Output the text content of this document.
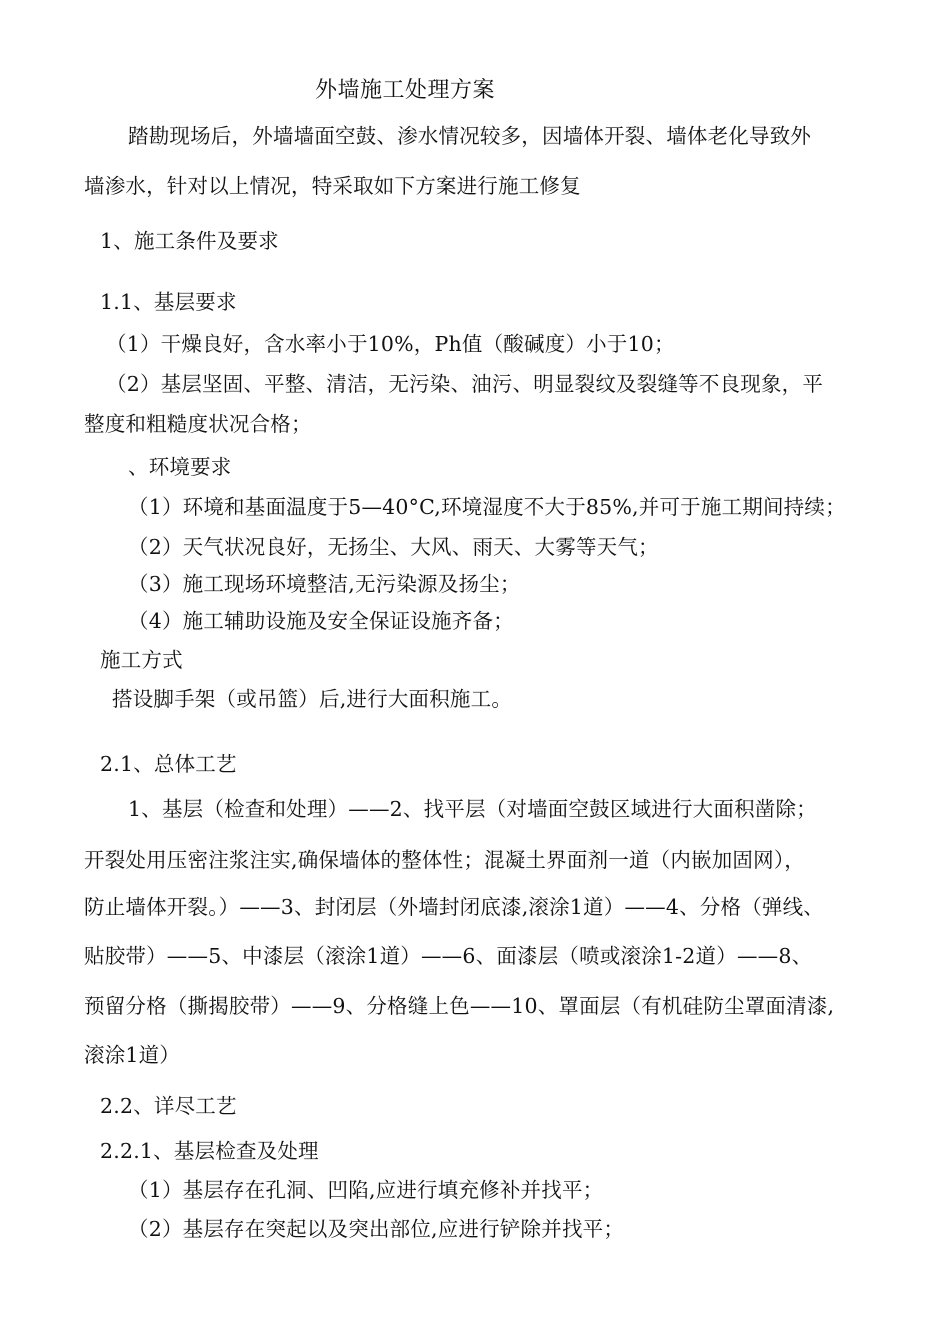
外墙施工处理方案
踏勘现场后，外墙墙面空鼓、渗水情况较多，因墙体开裂、墙体老化导致外
墙渗水，针对以上情况，特采取如下方案进行施工修复
1、施工条件及要求
1.1、基层要求
（1）干燥良好，含水率小于10%，Ph值（酸碱度）小于10；
（2）基层坚固、平整、清洁，无污染、油污、明显裂纹及裂缝等不良现象，平
整度和粗糙度状况合格；
、环境要求
（1）环境和基面温度于5—40°C,环境湿度不大于85%,并可于施工期间持续；
（2）天气状况良好，无扬尘、大风、雨天、大雾等天气；
（3）施工现场环境整洁,无污染源及扬尘；
（4）施工辅助设施及安全保证设施齐备；
施工方式
搭设脚手架（或吊篮）后,进行大面积施工。
2.1、总体工艺
1、基层（检查和处理）——2、找平层（对墙面空鼓区域进行大面积凿除；
开裂处用压密注浆注实,确保墙体的整体性；混凝土界面剂一道（内嵌加固网），
防止墙体开裂。）——3、封闭层（外墙封闭底漆,滚涂1道）——4、分格（弹线、
贴胶带）——5、中漆层（滚涂1道）——6、面漆层（喷或滚涂1-2道）——8、
预留分格（撕揭胶带）——9、分格缝上色——10、罩面层（有机硅防尘罩面清漆,
滚涂1道）
2.2、详尽工艺
2.2.1、基层检查及处理
（1）基层存在孔洞、凹陷,应进行填充修补并找平；
（2）基层存在突起以及突出部位,应进行铲除并找平；
